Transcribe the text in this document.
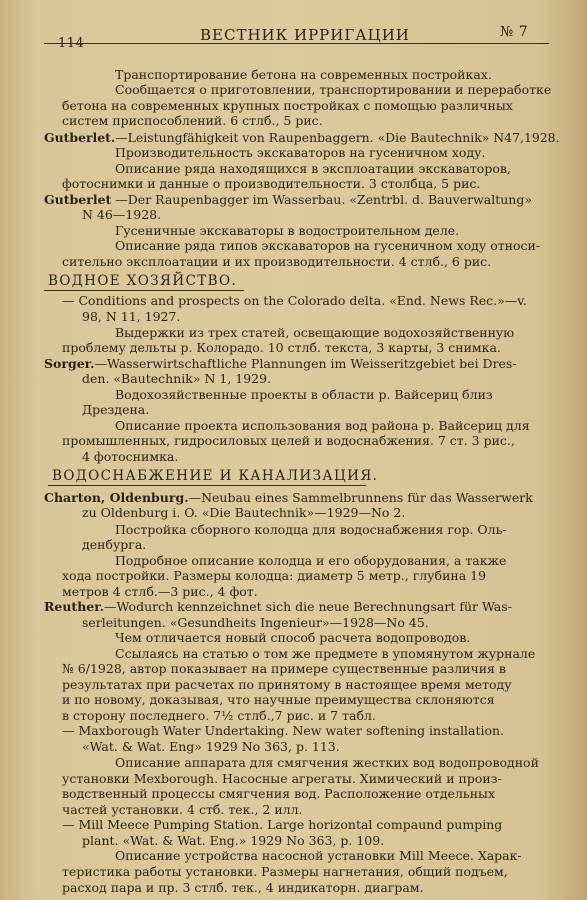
114	ВЕСТНИК ИРРИГАЦИИ	№ 7
Транспортирование бетона на современных постройках.
Сообщается о приготовлении, транспортировании и переработке
бетона на современных крупных постройках с помощью различных
систем приспособлений. 6 стлб., 5 рис.
Gutberlet.—Leistungfähigkeit von Raupenbaggern. «Die Bautechnik» N47,1928.
Производительность экскаваторов на гусеничном ходу.
Описание ряда находящихся в эксплоатации экскаваторов,
фотоснимки и данные о производительности. 3 столбца, 5 рис.
Gutberlet —Der Raupenbagger im Wasserbau. «Zentrbl. d. Bauverwaltung»
N 46—1928.
Гусеничные экскаваторы в водостроительном деле.
Описание ряда типов экскаваторов на гусеничном ходу относи-
сительно эксплоатации и их производительности. 4 стлб., 6 рис.
ВОДНОЕ ХОЗЯЙСТВО.
— Conditions and prospects on the Colorado delta. «End. News Rec.»—v.
98, N 11, 1927.
Выдержки из трех статей, освещающие водохозяйственную
проблему дельты р. Колорадо. 10 стлб. текста, 3 карты, 3 снимка.
Sorger.—Wasserwirtschaftliche Plannungen im Weisseritzgebiet bei Dres-
den. «Bautechnik» N 1, 1929.
Водохозяйственные проекты в области р. Вайсериц близ
Дрездена.
Описание проекта использования вод района р. Вайсериц для
промышленных, гидросиловых целей и водоснабжения. 7 ст. 3 рис.,
4 фотоснимка.
ВОДОСНАБЖЕНИЕ И КАНАЛИЗАЦИЯ.
Charton, Oldenburg.—Neubau eines Sammelbrunnens für das Wasserwerk
zu Oldenburg i. O. «Die Bautechnik»—1929—No 2.
Постройка сборного колодца для водоснабжения гор. Оль-
денбурга.
Подробное описание колодца и его оборудования, а также
хода постройки. Размеры колодца: диаметр 5 метр., глубина 19
метров 4 стлб.—3 рис., 4 фот.
Reuther.—Wodurch kennzeichnet sich die neue Berechnungsart für Was-
serleitungen. «Gesundheits Ingenieur»—1928—No 45.
Чем отличается новый способ расчета водопроводов.
Ссылаясь на статью о том же предмете в упомянутом журнале
№ 6/1928, автор показывает на примере существенные различия в
результатах при расчетах по принятому в настоящее время методу
и по новому, доказывая, что научные преимущества склоняются
в сторону последнего. 7½ стлб.,7 рис. и 7 табл.
— Maxborough Water Undertaking. New water softening installation.
«Wat. & Wat. Eng» 1929 No 363, p. 113.
Описание аппарата для смягчения жестких вод водопроводной
установки Mexborough. Насосные агрегаты. Химический и произ-
водственный процессы смягчения вод. Расположение отдельных
частей установки. 4 стб. тек., 2 илл.
— Mill Meece Pumping Station. Large horizontal compaund pumping
plant. «Wat. & Wat. Eng.» 1929 No 363, p. 109.
Описание устройства насосной установки Mill Meece. Харак-
теристика работы установки. Размеры нагнетания, общий подъем,
расход пара и пр. 3 стлб. тек., 4 индикаторн. диаграм.
